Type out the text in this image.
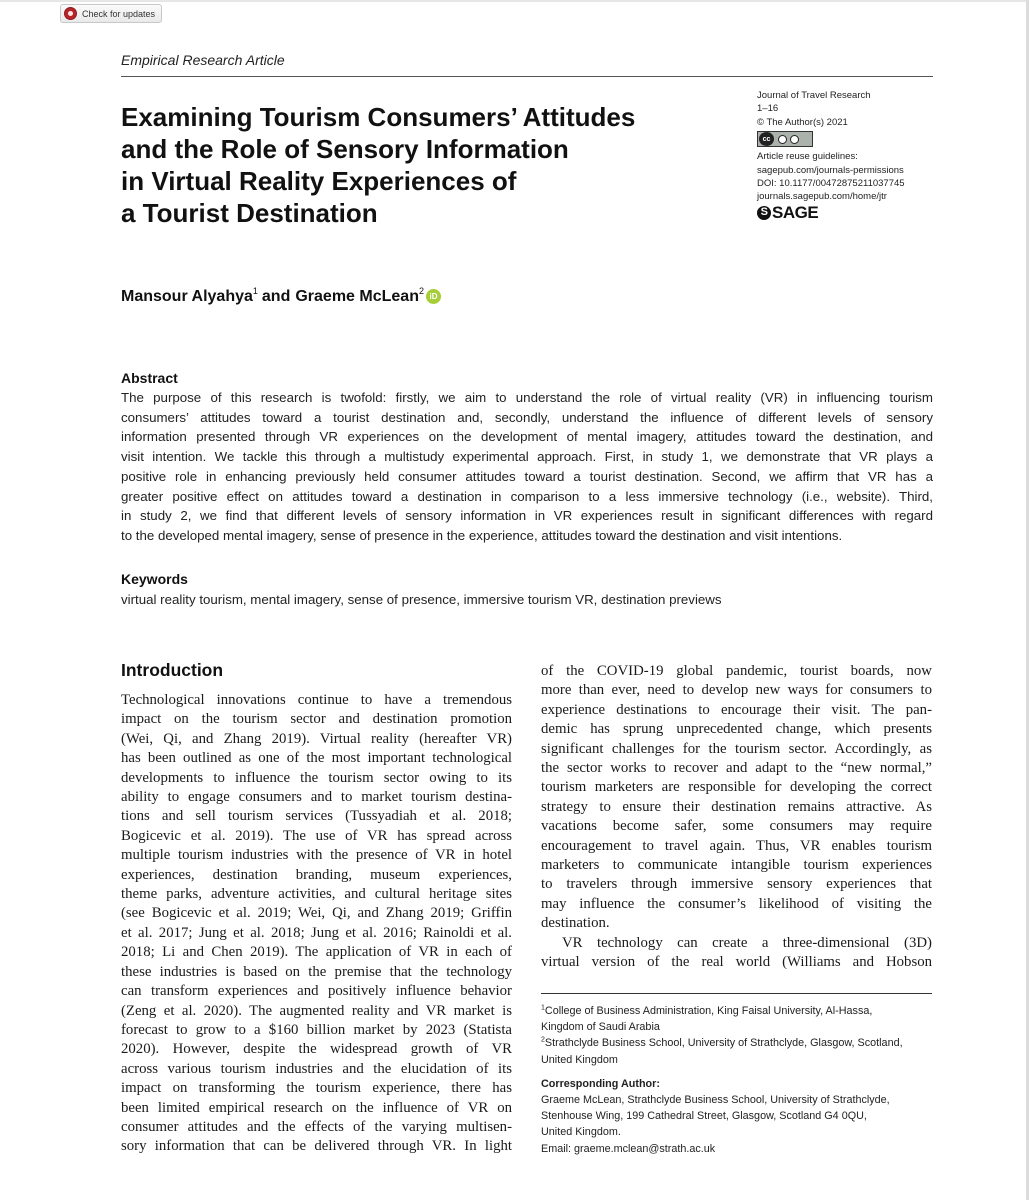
Check for updates
Empirical Research Article
Examining Tourism Consumers’ Attitudes
and the Role of Sensory Information
in Virtual Reality Experiences of
a Tourist Destination
Journal of Travel Research
1–16
© The Author(s) 2021
cc
Article reuse guidelines:
sagepub.com/journals-permissions
DOI: 10.1177/00472875211037745
journals.sagepub.com/home/jtr
S SAGE
Mansour Alyahya$^1$ and Graeme McLean$^2$
iD
Abstract
The purpose of this research is twofold: firstly, we aim to understand the role of virtual reality (VR) in influencing tourism
consumers’ attitudes toward a tourist destination and, secondly, understand the influence of different levels of sensory
information presented through VR experiences on the development of mental imagery, attitudes toward the destination, and
visit intention. We tackle this through a multistudy experimental approach. First, in study 1, we demonstrate that VR plays a
positive role in enhancing previously held consumer attitudes toward a tourist destination. Second, we affirm that VR has a
greater positive effect on attitudes toward a destination in comparison to a less immersive technology (i.e., website). Third,
in study 2, we find that different levels of sensory information in VR experiences result in significant differences with regard
to the developed mental imagery, sense of presence in the experience, attitudes toward the destination and visit intentions.
Keywords
virtual reality tourism, mental imagery, sense of presence, immersive tourism VR, destination previews
Introduction
Technological innovations continue to have a tremendous
impact on the tourism sector and destination promotion
(Wei, Qi, and Zhang 2019). Virtual reality (hereafter VR)
has been outlined as one of the most important technological
developments to influence the tourism sector owing to its
ability to engage consumers and to market tourism destina-
tions and sell tourism services (Tussyadiah et al. 2018;
Bogicevic et al. 2019). The use of VR has spread across
multiple tourism industries with the presence of VR in hotel
experiences, destination branding, museum experiences,
theme parks, adventure activities, and cultural heritage sites
(see Bogicevic et al. 2019; Wei, Qi, and Zhang 2019; Griffin
et al. 2017; Jung et al. 2018; Jung et al. 2016; Rainoldi et al.
2018; Li and Chen 2019). The application of VR in each of
these industries is based on the premise that the technology
can transform experiences and positively influence behavior
(Zeng et al. 2020). The augmented reality and VR market is
forecast to grow to a $160 billion market by 2023 (Statista
2020). However, despite the widespread growth of VR
across various tourism industries and the elucidation of its
impact on transforming the tourism experience, there has
been limited empirical research on the influence of VR on
consumer attitudes and the effects of the varying multisen-
sory information that can be delivered through VR. In light
of the COVID-19 global pandemic, tourist boards, now
more than ever, need to develop new ways for consumers to
experience destinations to encourage their visit. The pan-
demic has sprung unprecedented change, which presents
significant challenges for the tourism sector. Accordingly, as
the sector works to recover and adapt to the “new normal,”
tourism marketers are responsible for developing the correct
strategy to ensure their destination remains attractive. As
vacations become safer, some consumers may require
encouragement to travel again. Thus, VR enables tourism
marketers to communicate intangible tourism experiences
to travelers through immersive sensory experiences that
may influence the consumer’s likelihood of visiting the
destination.
VR technology can create a three-dimensional (3D)
virtual version of the real world (Williams and Hobson
$^1$College of Business Administration, King Faisal University, Al-Hassa,
Kingdom of Saudi Arabia
$^2$Strathclyde Business School, University of Strathclyde, Glasgow, Scotland,
United Kingdom
Corresponding Author:
Graeme McLean, Strathclyde Business School, University of Strathclyde,
Stenhouse Wing, 199 Cathedral Street, Glasgow, Scotland G4 0QU,
United Kingdom.
Email: graeme.mclean@strath.ac.uk
